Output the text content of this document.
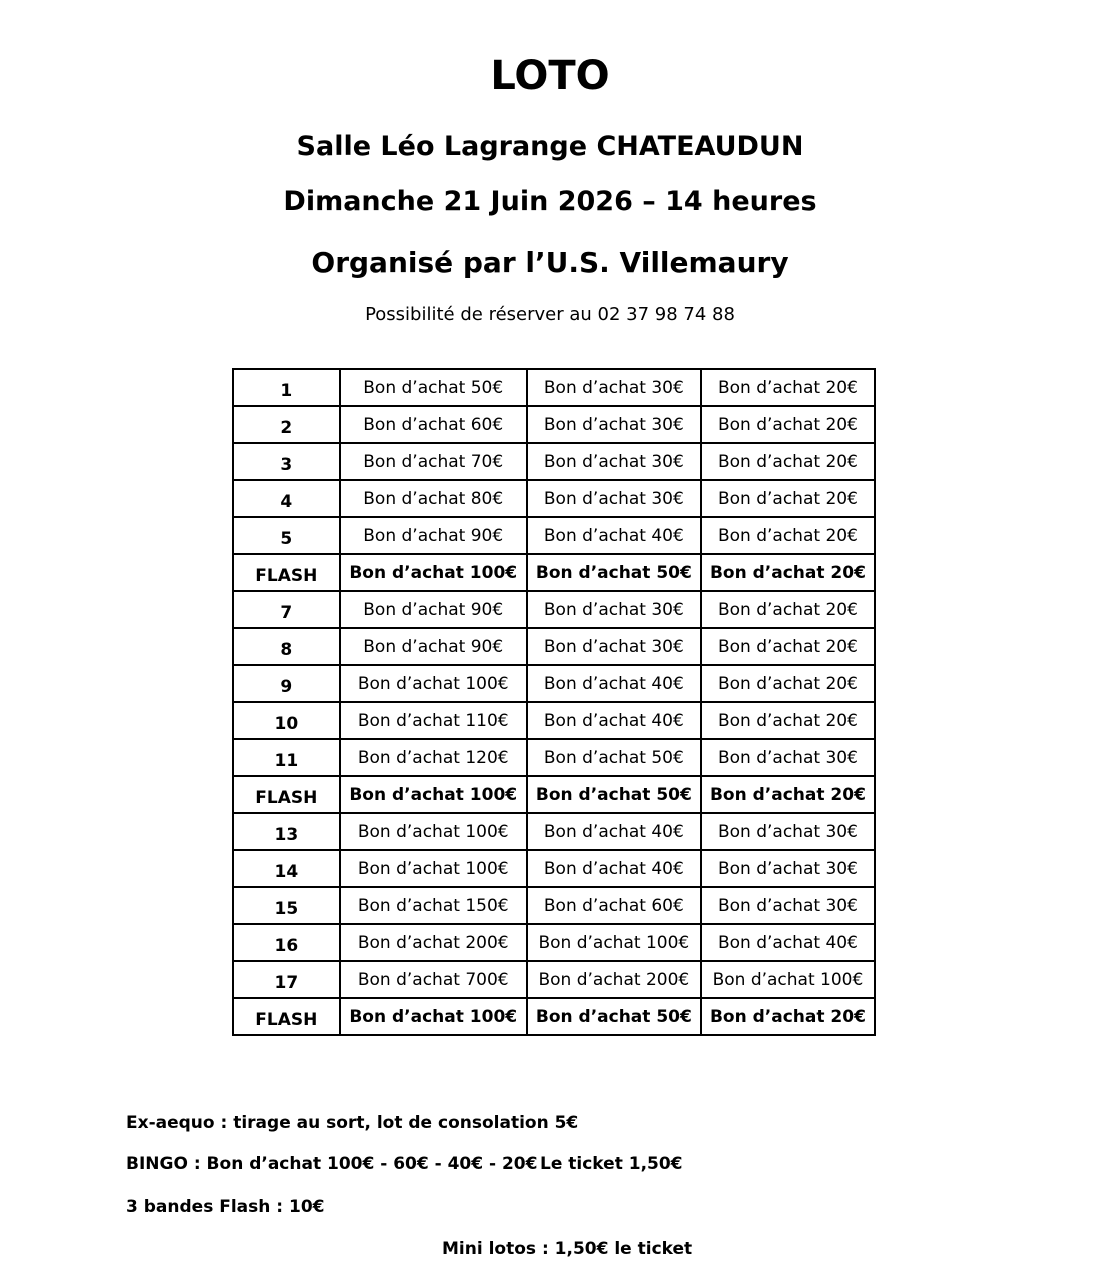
LOTO
Salle Léo Lagrange CHATEAUDUN
Dimanche 21 Juin 2026 – 14 heures
Organisé par l’U.S. Villemaury
Possibilité de réserver au 02 37 98 74 88
1	Bon d’achat 50€	Bon d’achat 30€	Bon d’achat 20€
2	Bon d’achat 60€	Bon d’achat 30€	Bon d’achat 20€
3	Bon d’achat 70€	Bon d’achat 30€	Bon d’achat 20€
4	Bon d’achat 80€	Bon d’achat 30€	Bon d’achat 20€
5	Bon d’achat 90€	Bon d’achat 40€	Bon d’achat 20€
FLASH	Bon d’achat 100€	Bon d’achat 50€	Bon d’achat 20€
7	Bon d’achat 90€	Bon d’achat 30€	Bon d’achat 20€
8	Bon d’achat 90€	Bon d’achat 30€	Bon d’achat 20€
9	Bon d’achat 100€	Bon d’achat 40€	Bon d’achat 20€
10	Bon d’achat 110€	Bon d’achat 40€	Bon d’achat 20€
11	Bon d’achat 120€	Bon d’achat 50€	Bon d’achat 30€
FLASH	Bon d’achat 100€	Bon d’achat 50€	Bon d’achat 20€
13	Bon d’achat 100€	Bon d’achat 40€	Bon d’achat 30€
14	Bon d’achat 100€	Bon d’achat 40€	Bon d’achat 30€
15	Bon d’achat 150€	Bon d’achat 60€	Bon d’achat 30€
16	Bon d’achat 200€	Bon d’achat 100€	Bon d’achat 40€
17	Bon d’achat 700€	Bon d’achat 200€	Bon d’achat 100€
FLASH	Bon d’achat 100€	Bon d’achat 50€	Bon d’achat 20€
Ex-aequo : tirage au sort, lot de consolation 5€
BINGO : Bon d’achat 100€ - 60€ - 40€ - 20€ Le ticket 1,50€
3 bandes Flash : 10€
Mini lotos : 1,50€ le ticket
